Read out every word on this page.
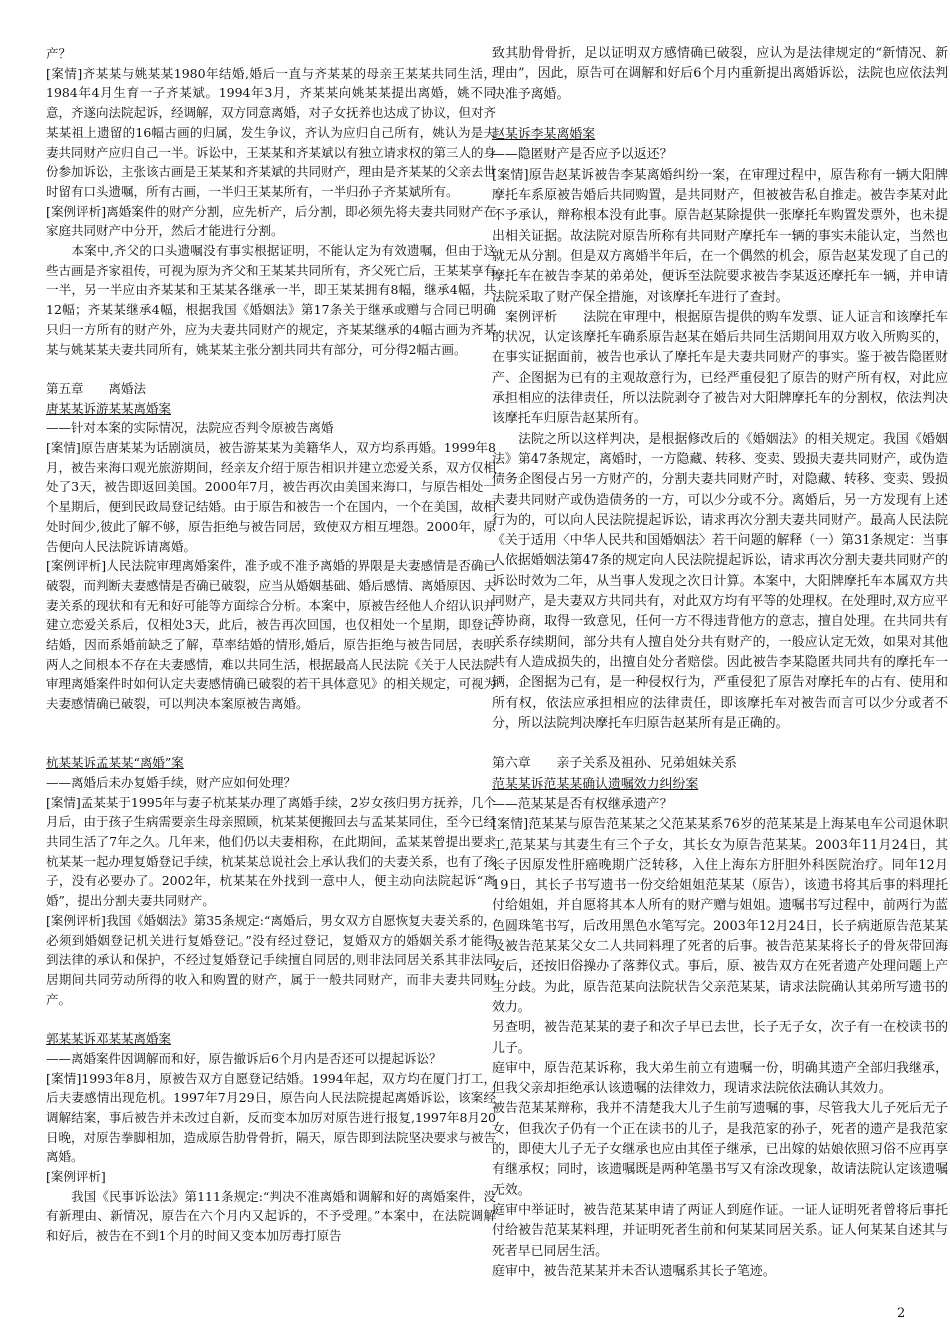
产？

[案情]齐某某与姚某某1980年结婚,婚后一直与齐某某的母亲王某某共同生活，1984年4月生育一子齐某斌。1994年3月，齐某某向姚某某提出离婚，姚不同意，齐遂向法院起诉，经调解，双方同意离婚，对子女抚养也达成了协议，但对齐某某祖上遗留的16幅古画的归属，发生争议，齐认为应归自己所有，姚认为是夫妻共同财产应归自己一半。诉讼中，王某某和齐某斌以有独立请求权的第三人的身份参加诉讼，主张该古画是王某某和齐某斌的共同财产，理由是齐某某的父亲去世时留有口头遗嘱，所有古画，一半归王某某所有，一半归孙子齐某斌所有。

[案例评析]离婚案件的财产分割，应先析产，后分割，即必须先将夫妻共同财产在家庭共同财产中分开，然后才能进行分割。

　　本案中,齐父的口头遗嘱没有事实根据证明，不能认定为有效遗嘱，但由于这些古画是齐家祖传，可视为原为齐父和王某某共同所有，齐父死亡后，王某某享有一半，另一半应由齐某某和王某某各继承一半，即王某某拥有8幅，继承4幅，共12幅；齐某某继承4幅，根据我国《婚姻法》第17条关于继承或赠与合同已明确只归一方所有的财产外，应为夫妻共同财产的规定，齐某某继承的4幅古画为齐某某与姚某某夫妻共同所有，姚某某主张分割共同共有部分，可分得2幅古画。

第五章　　离婚法

唐某某诉游某某离婚案

——针对本案的实际情况，法院应否判令原被告离婚

[案情]原告唐某某为话剧演员，被告游某某为美籍华人，双方均系再婚。1999年8月，被告来海口观光旅游期间，经亲友介绍于原告相识并建立恋爱关系，双方仅相处了3天，被告即返回美国。2000年7月，被告再次由美国来海口，与原告相处一个星期后，便到民政局登记结婚。由于原告和被告一个在国内，一个在美国，故相处时间少,彼此了解不够，原告拒绝与被告同居，致使双方相互埋怨。2000年，原告便向人民法院诉请离婚。

[案例评析]人民法院审理离婚案件，准予或不准予离婚的界限是夫妻感情是否确已破裂，而判断夫妻感情是否确已破裂，应当从婚姻基础、婚后感情、离婚原因、夫妻关系的现状和有无和好可能等方面综合分析。本案中，原被告经他人介绍认识并建立恋爱关系后，仅相处3天，此后，被告再次回国，也仅相处一个星期，即登记结婚，因而系婚前缺乏了解，草率结婚的情形,婚后，原告拒绝与被告同居，表明两人之间根本不存在夫妻感情，难以共同生活，根据最高人民法院《关于人民法院审理离婚案件时如何认定夫妻感情确已破裂的若干具体意见》的相关规定，可视为夫妻感情确已破裂，可以判决本案原被告离婚。

杭某某诉孟某某“离婚”案

——离婚后未办复婚手续，财产应如何处理？

[案情]孟某某于1995年与妻子杭某某办理了离婚手续，2岁女孩归男方抚养，几个月后，由于孩子生病需要亲生母亲照顾，杭某某便搬回去与孟某某同住，至今已经共同生活了7年之久。几年来，他们仍以夫妻相称，在此期间，孟某某曾提出要求杭某某一起办理复婚登记手续，杭某某总说社会上承认我们的夫妻关系，也有了孩子，没有必要办了。2002年，杭某某在外找到一意中人，便主动向法院起诉“离婚”，提出分割夫妻共同财产。

[案例评析]我国《婚姻法》第35条规定:“离婚后，男女双方自愿恢复夫妻关系的，必须到婚姻登记机关进行复婚登记。”没有经过登记，复婚双方的婚姻关系才能得到法律的承认和保护，不经过复婚登记手续擅自同居的,则非法同居关系其非法同居期间共同劳动所得的收入和购置的财产，属于一般共同财产，而非夫妻共同财产。

郭某某诉邓某某离婚案

——离婚案件因调解而和好，原告撤诉后6个月内是否还可以提起诉讼？

[案情]1993年8月，原被告双方自愿登记结婚。1994年起，双方均在厦门打工，后夫妻感情出现危机。1997年7月29日，原告向人民法院提起离婚诉讼，该案经调解结案，事后被告并未改过自新，反而变本加厉对原告进行报复,1997年8月20日晚，对原告拳脚相加，造成原告肋骨骨折，隔天，原告即到法院坚决要求与被告离婚。

[案例评析]

　　我国《民事诉讼法》第111条规定:“判决不准离婚和调解和好的离婚案件，没有新理由、新情况，原告在六个月内又起诉的，不予受理。”本案中，在法院调解和好后，被告在不到1个月的时间又变本加厉毒打原告

致其肋骨骨折，足以证明双方感情确已破裂，应认为是法律规定的“新情况、新理由”，因此，原告可在调解和好后6个月内重新提出离婚诉讼，法院也应依法判决准予离婚。

赵某诉李某离婚案

——隐匿财产是否应予以返还？

[案情]原告赵某诉被告李某离婚纠纷一案，在审理过程中，原告称有一辆大阳牌摩托车系原被告婚后共同购置，是共同财产，但被被告私自推走。被告李某对此不予承认，辩称根本没有此事。原告赵某除提供一张摩托车购置发票外，也未提出相关证据。故法院对原告所称有共同财产摩托车一辆的事实未能认定，当然也就无从分割。但是双方离婚半年后，在一个偶然的机会，原告赵某发现了自己的摩托车在被告李某的弟弟处，便诉至法院要求被告李某返还摩托车一辆，并申请法院采取了财产保全措施，对该摩托车进行了查封。

　案例评析　　法院在审理中，根据原告提供的购车发票、证人证言和该摩托车的状况，认定该摩托车确系原告赵某在婚后共同生活期间用双方收入所购买的，在事实证据面前，被告也承认了摩托车是夫妻共同财产的事实。鉴于被告隐匿财产、企图据为已有的主观故意行为，已经严重侵犯了原告的财产所有权，对此应承担相应的法律责任，所以法院剥夺了被告对大阳牌摩托车的分割权，依法判决该摩托车归原告赵某所有。

　　法院之所以这样判决，是根据修改后的《婚姻法》的相关规定。我国《婚姻法》第47条规定，离婚时，一方隐藏、转移、变卖、毁损夫妻共同财产，或伪造债务企图侵占另一方财产的，分割夫妻共同财产时，对隐藏、转移、变卖、毁损夫妻共同财产或伪造债务的一方，可以少分或不分。离婚后，另一方发现有上述行为的，可以向人民法院提起诉讼，请求再次分割夫妻共同财产。最高人民法院《关于适用〈中华人民共和国婚姻法〉若干问题的解释（一）第31条规定：当事人依据婚姻法第47条的规定向人民法院提起诉讼，请求再次分割夫妻共同财产的诉讼时效为二年，从当事人发现之次日计算。本案中，大阳牌摩托车本属双方共同财产，是夫妻双方共同共有，对此双方均有平等的处理权。在处理时,双方应平等协商，取得一致意见，任何一方不得违背他方的意志，擅自处理。在共同共有关系存续期间，部分共有人擅自处分共有财产的，一般应认定无效，如果对其他共有人造成损失的，出擅自处分者赔偿。因此被告李某隐匿共同共有的摩托车一辆，企图据为己有，是一种侵权行为，严重侵犯了原告对摩托车的占有、使用和所有权，依法应承担相应的法律责任，即该摩托车对被告而言可以少分或者不分，所以法院判决摩托车归原告赵某所有是正确的。

第六章　　亲子关系及祖孙、兄弟姐妹关系

范某某诉范某某确认遗嘱效力纠纷案

——范某某是否有权继承遗产？

[案情]范某某与原告范某某之父范某某系76岁的范某某是上海某电车公司退休职工,范某某与其妻生有三个子女，其长女为原告范某某。2003年11月24日，其长子因原发性肝癌晚期广泛转移，入住上海东方肝胆外科医院治疗。同年12月19日，其长子书写遗书一份交给姐姐范某某（原告），该遗书将其后事的料理托付给姐姐，并自愿将其本人所有的财产赠与姐姐。遗嘱书写过程中，前两行为蓝色圆珠笔书写，后改用黑色水笔写完。2003年12月24日，长子病逝原告范某某及被告范某某父女二人共同料理了死者的后事。被告范某某将长子的骨灰带回海安后，还按旧俗操办了落葬仪式。事后，原、被告双方在死者遗产处理问题上产生分歧。为此，原告范某向法院状告父亲范某某，请求法院确认其弟所写遗书的效力。

另查明，被告范某某的妻子和次子早已去世，长子无子女，次子有一在校读书的儿子。

庭审中，原告范某诉称，我大弟生前立有遗嘱一份，明确其遗产全部归我继承，但我父亲却拒绝承认该遗嘱的法律效力，现请求法院依法确认其效力。

被告范某某辩称，我并不清楚我大儿子生前写遗嘱的事，尽管我大儿子死后无子女，但我次子仍有一个正在读书的儿子，是我范家的孙子，死者的遗产是我范家的，即使大儿子无子女继承也应由其侄子继承，已出嫁的姑娘依照习俗不应再享有继承权；同时，该遗嘱既是两种笔墨书写又有涂改现象，故请法院认定该遗嘱无效。

庭审中举证时，被告范某某申请了两证人到庭作证。一证人证明死者曾将后事托付给被告范某某料理，并证明死者生前和何某某同居关系。证人何某某自述其与死者早已同居生活。

庭审中，被告范某某并未否认遗嘱系其长子笔迹。

2
